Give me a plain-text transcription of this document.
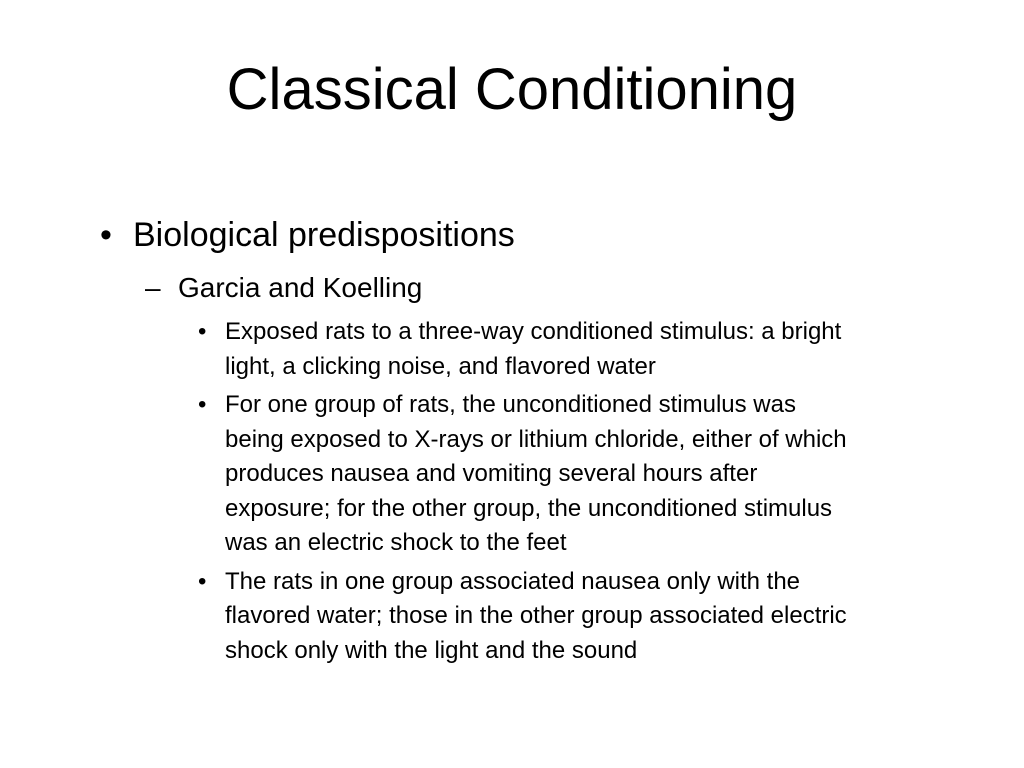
Classical Conditioning
• Biological predispositions
– Garcia and Koelling
• Exposed rats to a three-way conditioned stimulus: a bright
light, a clicking noise, and flavored water
• For one group of rats, the unconditioned stimulus was
being exposed to X-rays or lithium chloride, either of which
produces nausea and vomiting several hours after
exposure; for the other group, the unconditioned stimulus
was an electric shock to the feet
• The rats in one group associated nausea only with the
flavored water; those in the other group associated electric
shock only with the light and the sound
